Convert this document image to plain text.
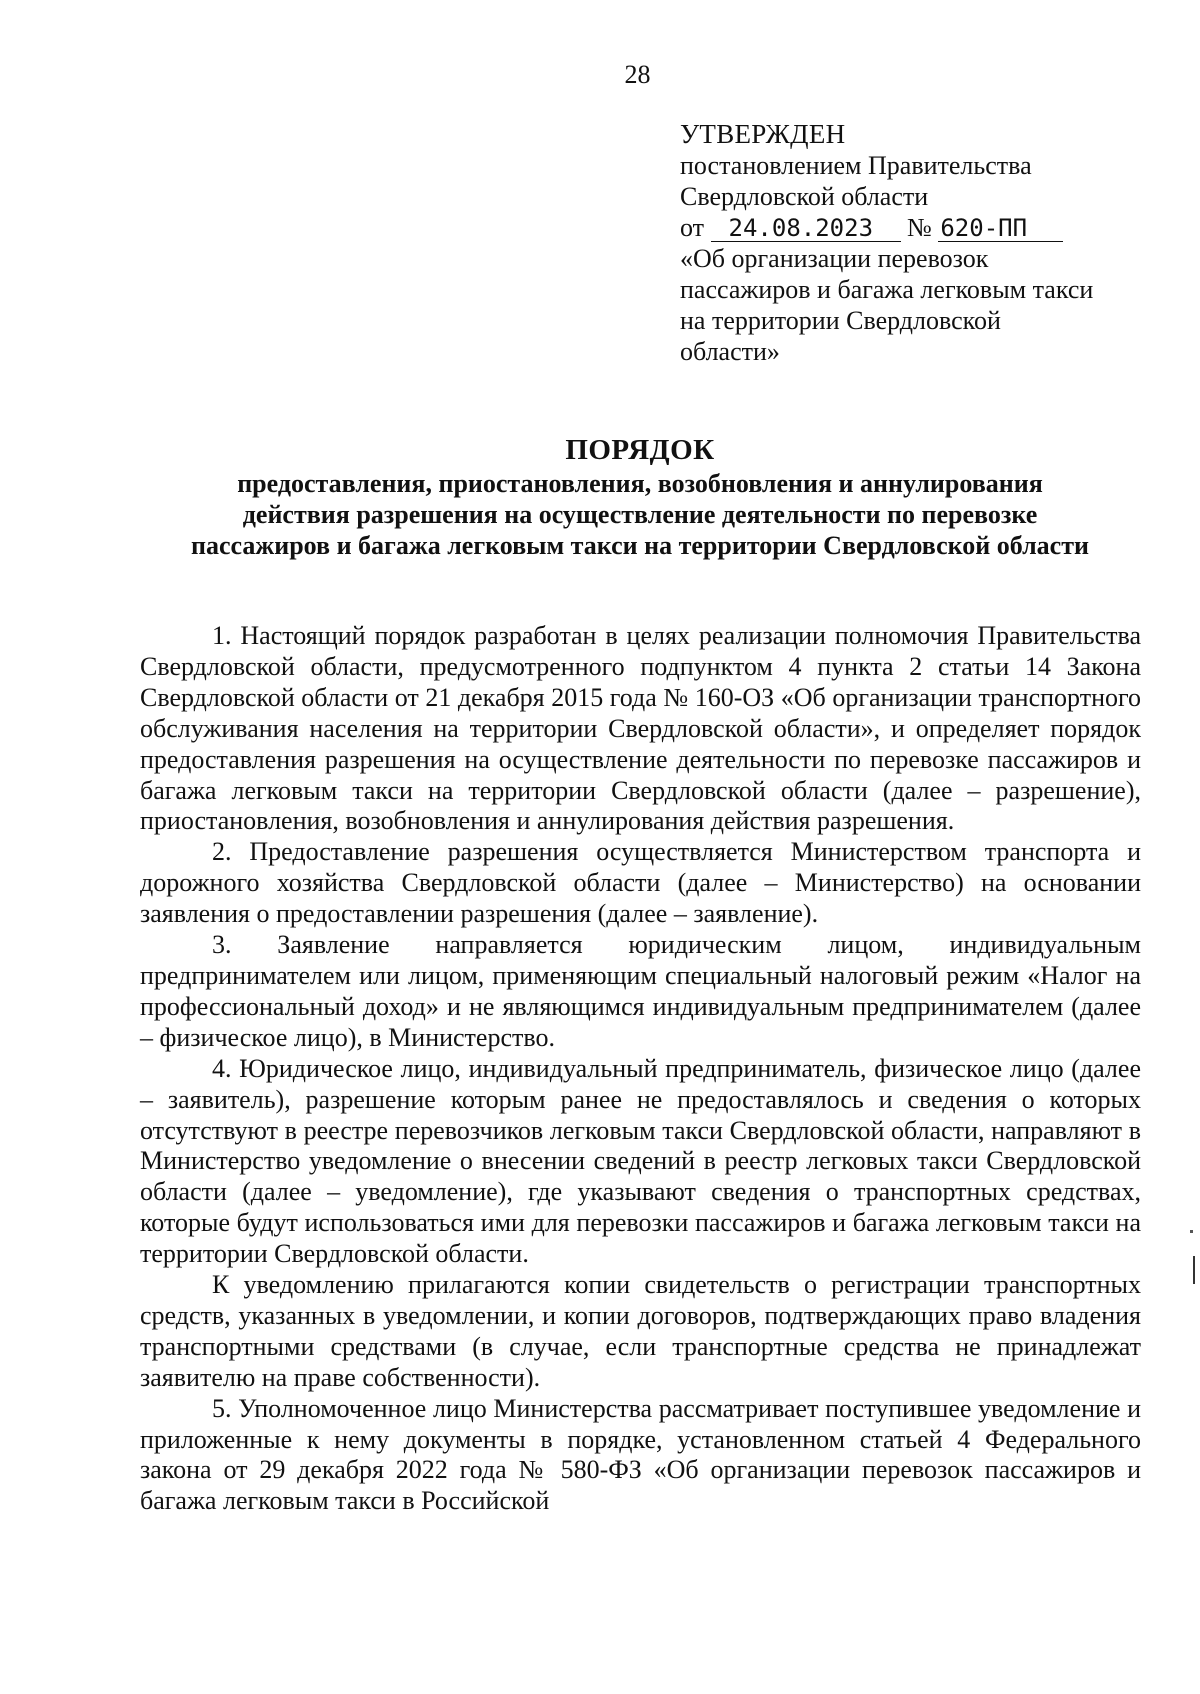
28
УТВЕРЖДЕН
постановлением Правительства
Свердловской области
от 24.08.2023 № 620-ПП
«Об организации перевозок
пассажиров и багажа легковым такси
на территории Свердловской
области»
ПОРЯДОК
предоставления, приостановления, возобновления и аннулирования
действия разрешения на осуществление деятельности по перевозке
пассажиров и багажа легковым такси на территории Свердловской области

1. Настоящий порядок разработан в целях реализации полномочия Правительства Свердловской области, предусмотренного подпунктом 4 пункта 2 статьи 14 Закона Свердловской области от 21 декабря 2015 года № 160-ОЗ «Об организации транспортного обслуживания населения на территории Свердловской области», и определяет порядок предоставления разрешения на осуществление деятельности по перевозке пассажиров и багажа легковым такси на территории Свердловской области (далее – разрешение), приостановления, возобновления и аннулирования действия разрешения.

2. Предоставление разрешения осуществляется Министерством транспорта и дорожного хозяйства Свердловской области (далее – Министерство) на основании заявления о предоставлении разрешения (далее – заявление).

3. Заявление направляется юридическим лицом, индивидуальным предпринимателем или лицом, применяющим специальный налоговый режим «Налог на профессиональный доход» и не являющимся индивидуальным предпринимателем (далее – физическое лицо), в Министерство.

4. Юридическое лицо, индивидуальный предприниматель, физическое лицо (далее – заявитель), разрешение которым ранее не предоставлялось и сведения о которых отсутствуют в реестре перевозчиков легковым такси Свердловской области, направляют в Министерство уведомление о внесении сведений в реестр легковых такси Свердловской области (далее – уведомление), где указывают сведения о транспортных средствах, которые будут использоваться ими для перевозки пассажиров и багажа легковым такси на территории Свердловской области.

К уведомлению прилагаются копии свидетельств о регистрации транспортных средств, указанных в уведомлении, и копии договоров, подтверждающих право владения транспортными средствами (в случае, если транспортные средства не принадлежат заявителю на праве собственности).

5. Уполномоченное лицо Министерства рассматривает поступившее уведомление и приложенные к нему документы в порядке, установленном статьей 4 Федерального закона от 29 декабря 2022 года № 580-ФЗ «Об организации перевозок пассажиров и багажа легковым такси в Российской
